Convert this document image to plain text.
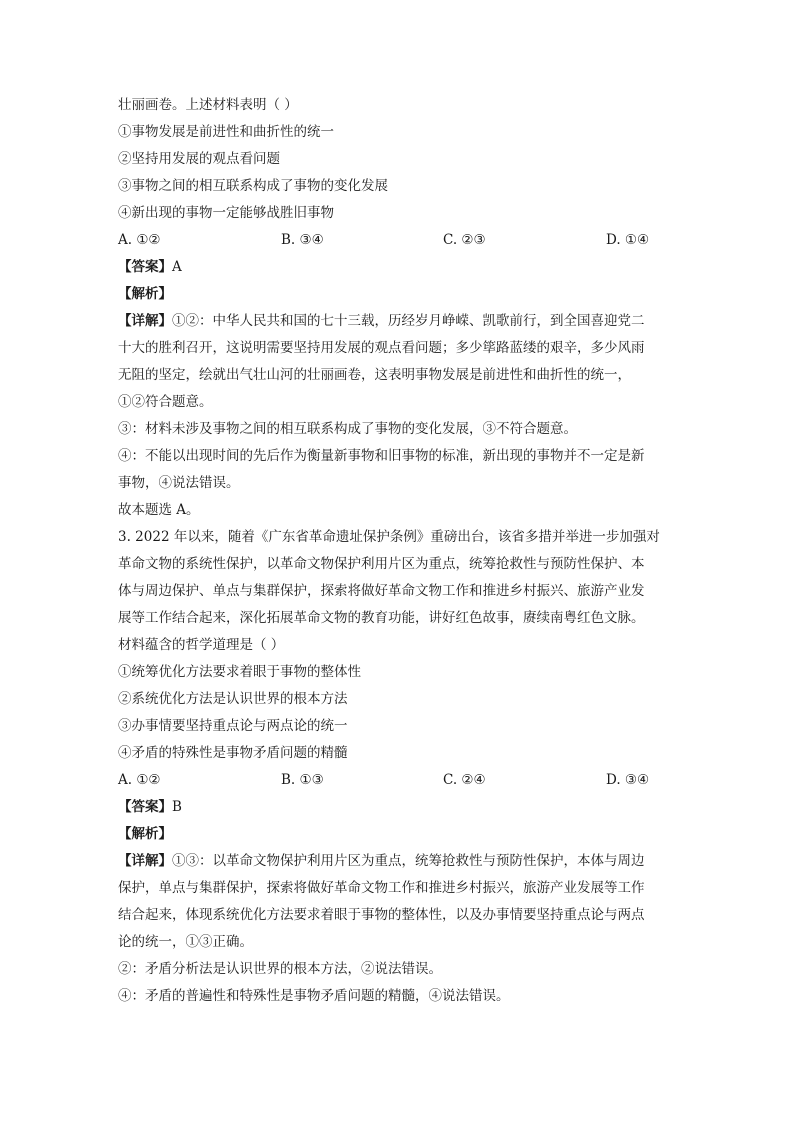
壮丽画卷。上述材料表明（ ）
①事物发展是前进性和曲折性的统一
②坚持用发展的观点看问题
③事物之间的相互联系构成了事物的变化发展
④新出现的事物一定能够战胜旧事物
A. ①②	B. ③④	C. ②③	D. ①④
【答案】A
【解析】
【详解】①②：中华人民共和国的七十三载，历经岁月峥嵘、凯歌前行，到全国喜迎党二
十大的胜利召开，这说明需要坚持用发展的观点看问题；多少筚路蓝缕的艰辛，多少风雨
无阻的坚定，绘就出气壮山河的壮丽画卷，这表明事物发展是前进性和曲折性的统一，
①②符合题意。
③：材料未涉及事物之间的相互联系构成了事物的变化发展，③不符合题意。
④：不能以出现时间的先后作为衡量新事物和旧事物的标准，新出现的事物并不一定是新
事物，④说法错误。
故本题选 A。
3. 2022 年以来，随着《广东省革命遗址保护条例》重磅出台，该省多措并举进一步加强对
革命文物的系统性保护，以革命文物保护利用片区为重点，统筹抢救性与预防性保护、本
体与周边保护、单点与集群保护，探索将做好革命文物工作和推进乡村振兴、旅游产业发
展等工作结合起来，深化拓展革命文物的教育功能，讲好红色故事，赓续南粤红色文脉。
材料蕴含的哲学道理是（ ）
①统筹优化方法要求着眼于事物的整体性
②系统优化方法是认识世界的根本方法
③办事情要坚持重点论与两点论的统一
④矛盾的特殊性是事物矛盾问题的精髓
A. ①②	B. ①③	C. ②④	D. ③④
【答案】B
【解析】
【详解】①③：以革命文物保护利用片区为重点，统筹抢救性与预防性保护，本体与周边
保护，单点与集群保护，探索将做好革命文物工作和推进乡村振兴，旅游产业发展等工作
结合起来，体现系统优化方法要求着眼于事物的整体性，以及办事情要坚持重点论与两点
论的统一，①③正确。
②：矛盾分析法是认识世界的根本方法，②说法错误。
④：矛盾的普遍性和特殊性是事物矛盾问题的精髓，④说法错误。
